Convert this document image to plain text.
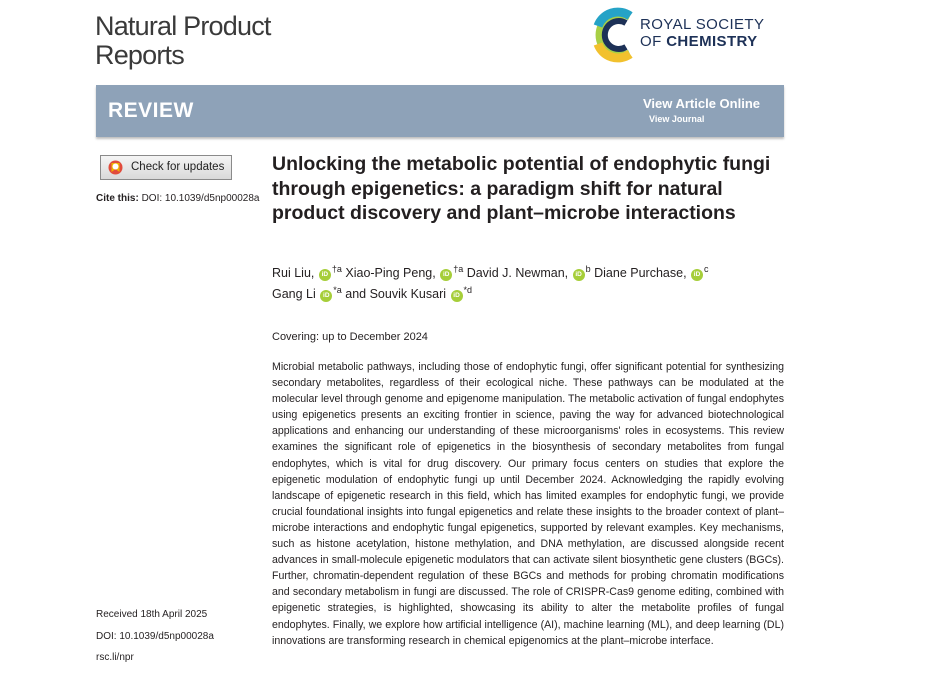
Natural Product
Reports
ROYAL SOCIETY
OF CHEMISTRY
REVIEW	View Article Online
View Journal
Check for updates
Cite this: DOI: 10.1039/d5np00028a
Unlocking the metabolic potential of endophytic fungi through epigenetics: a paradigm shift for natural product discovery and plant–microbe interactions
Rui Liu, iD$^{\dagger a}$ Xiao-Ping Peng, iD$^{\dagger a}$ David J. Newman, iD$^b$ Diane Purchase, iD$^c$
Gang Li iD$^{*a}$ and Souvik Kusari iD$^{*d}$
Covering: up to December 2024

Microbial metabolic pathways, including those of endophytic fungi, offer significant potential for synthesizing secondary metabolites, regardless of their ecological niche. These pathways can be modulated at the molecular level through genome and epigenome manipulation. The metabolic activation of fungal endophytes using epigenetics presents an exciting frontier in science, paving the way for advanced biotechnological applications and enhancing our understanding of these microorganisms' roles in ecosystems. This review examines the significant role of epigenetics in the biosynthesis of secondary metabolites from fungal endophytes, which is vital for drug discovery. Our primary focus centers on studies that explore the epigenetic modulation of endophytic fungi up until December 2024. Acknowledging the rapidly evolving landscape of epigenetic research in this field, which has limited examples for endophytic fungi, we provide crucial foundational insights into fungal epigenetics and relate these insights to the broader context of plant–microbe interactions and endophytic fungal epigenetics, supported by relevant examples. Key mechanisms, such as histone acetylation, histone methylation, and DNA methylation, are discussed alongside recent advances in small-molecule epigenetic modulators that can activate silent biosynthetic gene clusters (BGCs). Further, chromatin-dependent regulation of these BGCs and methods for probing chromatin modifications and secondary metabolism in fungi are discussed. The role of CRISPR-Cas9 genome editing, combined with epigenetic strategies, is highlighted, showcasing its ability to alter the metabolite profiles of fungal endophytes. Finally, we explore how artificial intelligence (AI), machine learning (ML), and deep learning (DL) innovations are transforming research in chemical epigenomics at the plant–microbe interface.

Received 18th April 2025
DOI: 10.1039/d5np00028a
rsc.li/npr
